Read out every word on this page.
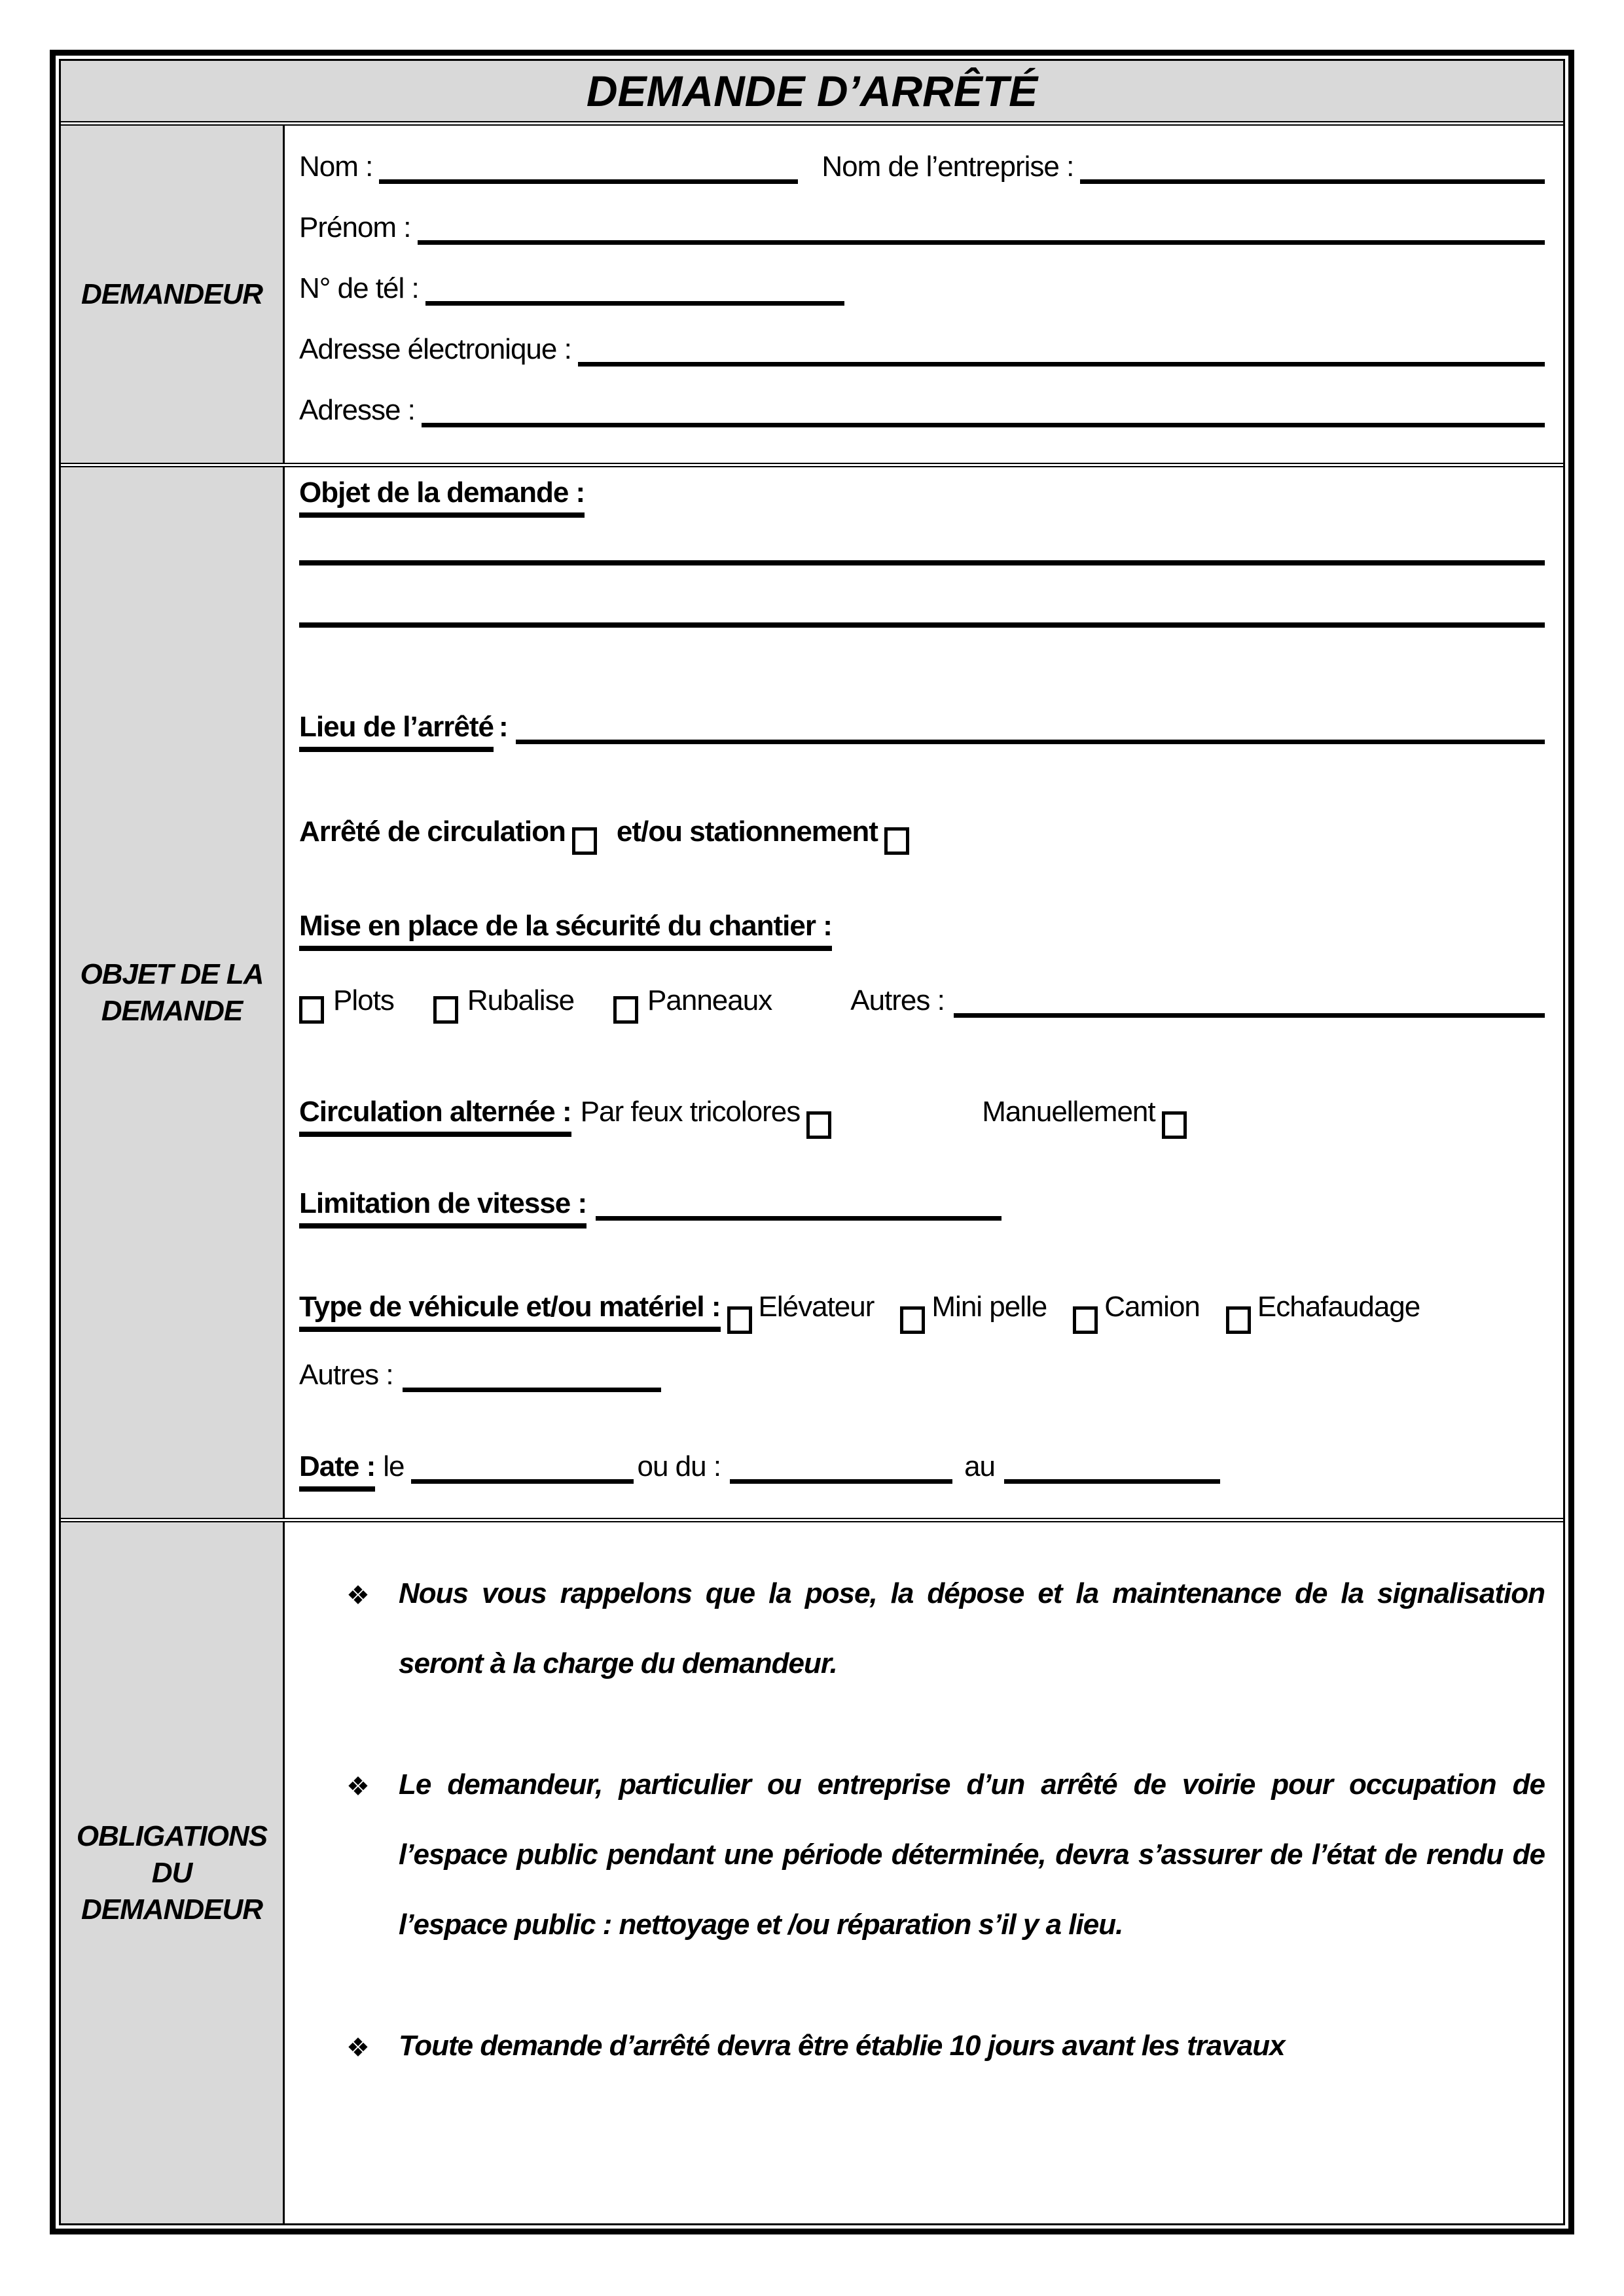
DEMANDE D’ARRÊTÉ
DEMANDEUR
Nom :	Nom de l’entreprise :
Prénom :
N° de tél :
Adresse électronique :
Adresse :
OBJET DE LA
DEMANDE
Objet de la demande :
Lieu de l’arrêté :
Arrêté de circulation et/ou stationnement
Mise en place de la sécurité du chantier :
Plots	Rubalise	Panneaux	Autres :
Circulation alternée : Par feux tricolores	Manuellement
Limitation de vitesse :
Type de véhicule et/ou matériel : Elévateur Mini pelle Camion Echafaudage
Autres :
Date : le	ou du :	au
OBLIGATIONS
DU
DEMANDEUR
❖ Nous vous rappelons que la pose, la dépose et la maintenance de la signalisation seront à la charge du demandeur.
❖ Le demandeur, particulier ou entreprise d’un arrêté de voirie pour occupation de l’espace public pendant une période déterminée, devra s’assurer de l’état de rendu de l’espace public : nettoyage et /ou réparation s’il y a lieu.
❖ Toute demande d’arrêté devra être établie 10 jours avant les travaux
